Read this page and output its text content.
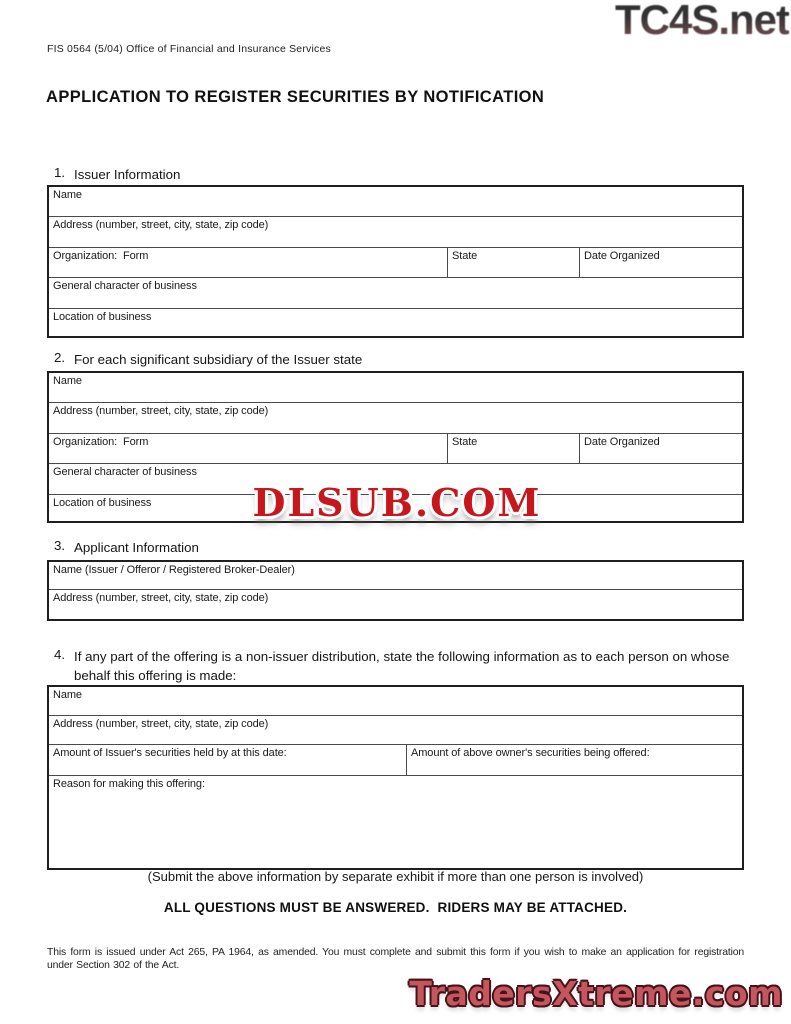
FIS 0564 (5/04) Office of Financial and Insurance Services
TC4S.net
APPLICATION TO REGISTER SECURITIES BY NOTIFICATION
1. Issuer Information
Name
Address (number, street, city, state, zip code)
Organization:  Form	State	Date Organized
General character of business
Location of business
2. For each significant subsidiary of the Issuer state
Name
Address (number, street, city, state, zip code)
Organization:  Form	State	Date Organized
General character of business
Location of business	DLSUB.COM
3. Applicant Information
Name (Issuer / Offeror / Registered Broker-Dealer)
Address (number, street, city, state, zip code)
4. If any part of the offering is a non-issuer distribution, state the following information as to each person on whose behalf this offering is made:
Name
Address (number, street, city, state, zip code)
Amount of Issuer's securities held by at this date:	Amount of above owner's securities being offered:
Reason for making this offering:
(Submit the above information by separate exhibit if more than one person is involved)
ALL QUESTIONS MUST BE ANSWERED.  RIDERS MAY BE ATTACHED.
This form is issued under Act 265, PA 1964, as amended. You must complete and submit this form if you wish to make an application for registration under Section 302 of the Act.
TradersXtreme.com
